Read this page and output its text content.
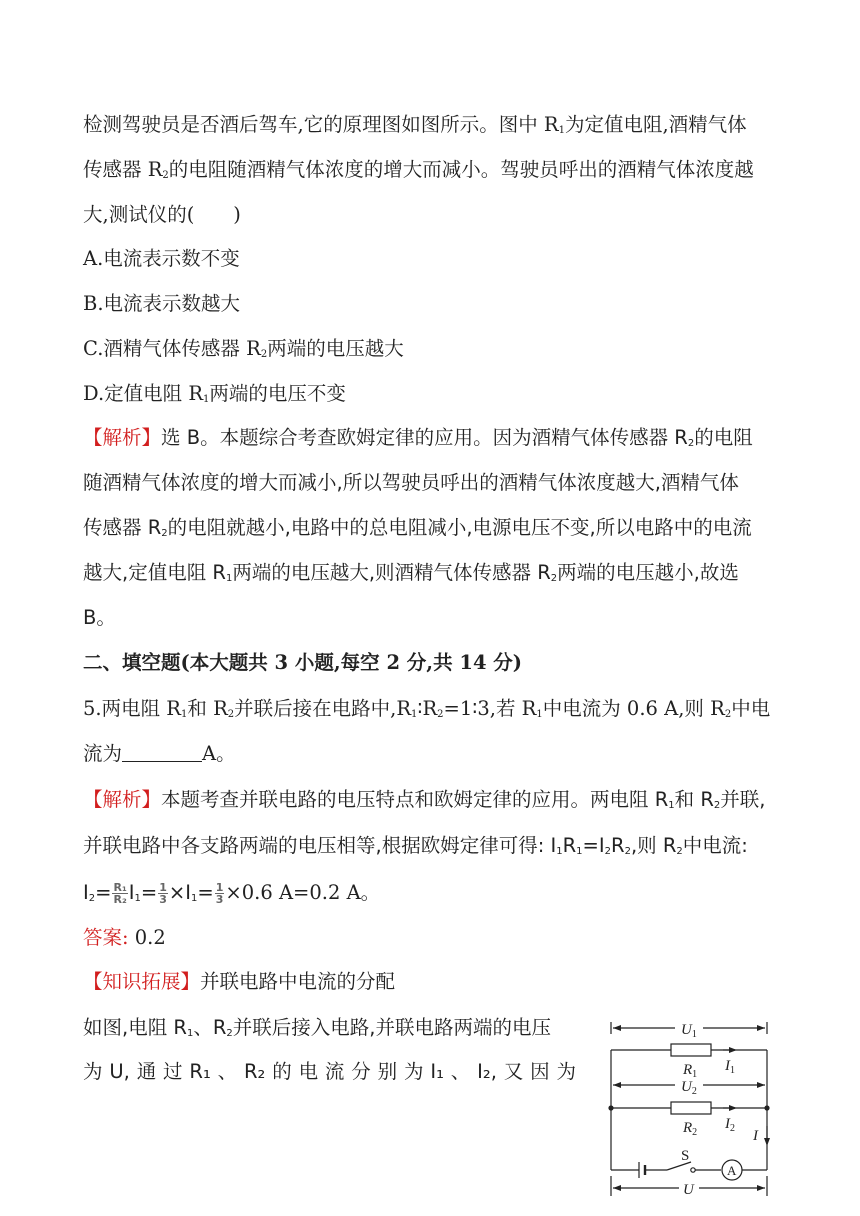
检测驾驶员是否酒后驾车,它的原理图如图所示。图中 $R_1$为定值电阻,酒精气体
传感器 $R_2$的电阻随酒精气体浓度的增大而减小。驾驶员呼出的酒精气体浓度越
大,测试仪的(　　)
A.电流表示数不变
B.电流表示数越大
C.酒精气体传感器 $R_2$两端的电压越大
D.定值电阻 $R_1$两端的电压不变
【解析】选 B。本题综合考查欧姆定律的应用。因为酒精气体传感器 $R_2$的电阻
随酒精气体浓度的增大而减小,所以驾驶员呼出的酒精气体浓度越大,酒精气体
传感器 $R_2$的电阻就越小,电路中的总电阻减小,电源电压不变,所以电路中的电流
越大,定值电阻 $R_1$两端的电压越大,则酒精气体传感器 $R_2$两端的电压越小,故选
B。
二、填空题(本大题共 3 小题,每空 2 分,共 14 分)
5.两电阻 $R_1$和 $R_2$并联后接在电路中$,R_1∶R_2=1∶3$,若 $R_1$中电流为 0.6 A,则 $R_2$中电
流为	A。
【解析】本题考查并联电路的电压特点和欧姆定律的应用。两电阻 $R_1$和 $R_2$并联,
并联电路中各支路两端的电压相等,根据欧姆定律可得: $I_1R_1=I_2R_2$,则 $R_2$中电流:
$I_2= \frac{\text{R₁}}{\text{R₂}} I_1= \frac{1}{3} \times I_1= \frac{1}{3} \times 0.6$ A=0.2 A。
答案: 0.2
【知识拓展】并联电路中电流的分配
如图,电阻 $R_1$、$R_2$并联后接入电路,并联电路两端的电压
为 U, 通 过 R₁ 、 R₂ 的 电 流 分 别 为 I₁ 、 I₂, 又 因 为
$U_1$
$R_1$
$I_1$
$U_2$
$R_2$
$I_2$ I
S
A
U
